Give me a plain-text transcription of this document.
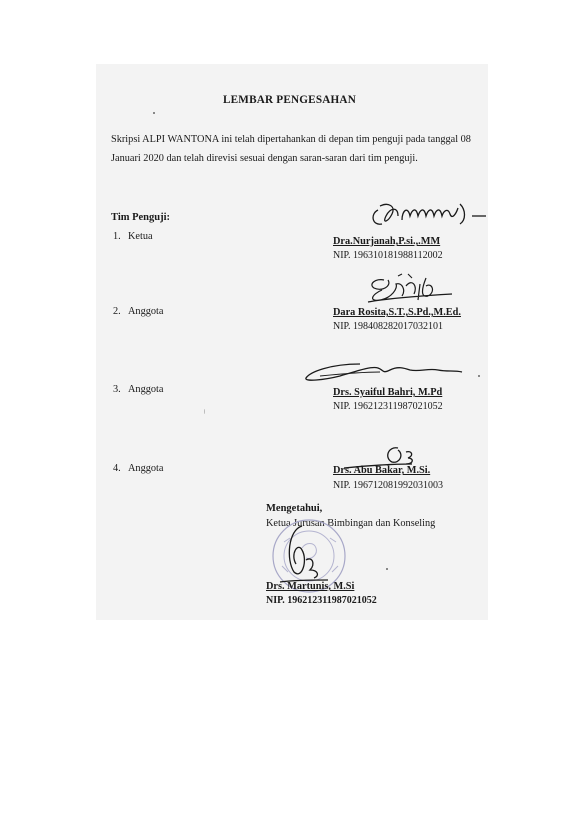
LEMBAR PENGESAHAN
Skripsi ALPI WANTONA ini telah dipertahankan di depan tim penguji pada tanggal 08 Januari 2020 dan telah direvisi sesuai dengan saran-saran dari tim penguji.
Tim Penguji:
1. Ketua	Dra.Nurjanah,P.si.,.MM
NIP. 196310181988112002
2. Anggota	Dara Rosita,S.T.,S.Pd.,M.Ed.
NIP. 198408282017032101
3. Anggota	Drs. Syaiful Bahri, M.Pd
NIP. 196212311987021052
4. Anggota	Drs. Abu Bakar, M.Si.
NIP. 196712081992031003
Mengetahui,
Ketua Jurusan Bimbingan dan Konseling
Drs. Martunis, M.Si
NIP. 196212311987021052
